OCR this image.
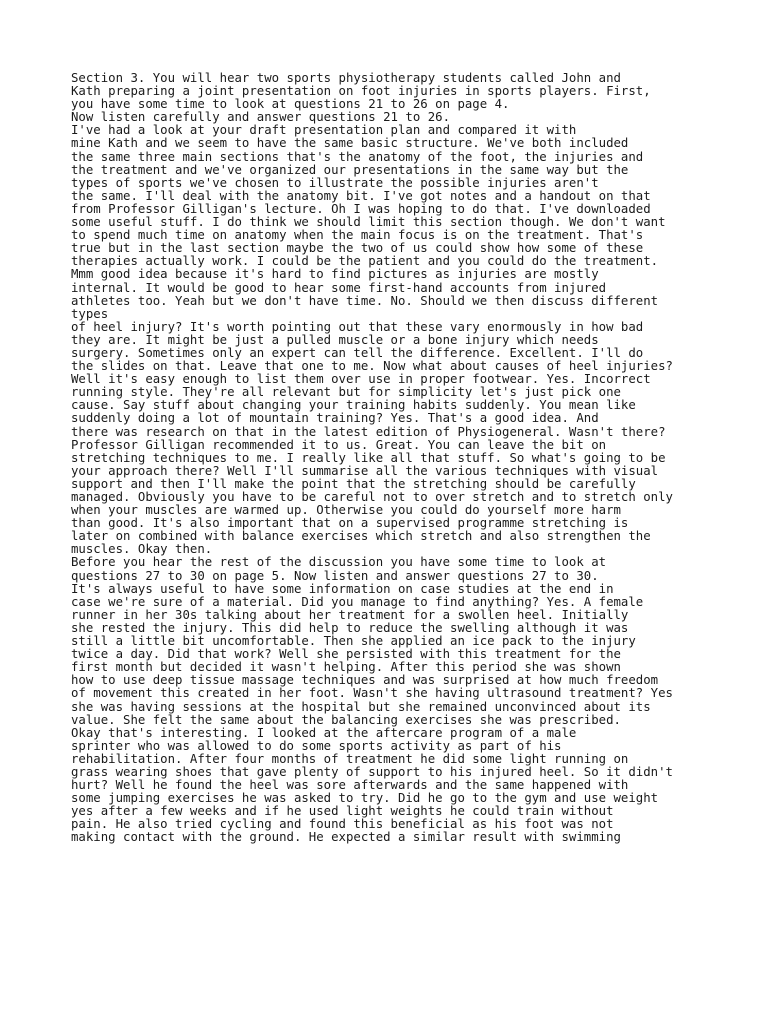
Section 3. You will hear two sports physiotherapy students called John and
Kath preparing a joint presentation on foot injuries in sports players. First,
you have some time to look at questions 21 to 26 on page 4.
Now listen carefully and answer questions 21 to 26.
I've had a look at your draft presentation plan and compared it with
mine Kath and we seem to have the same basic structure. We've both included
the same three main sections that's the anatomy of the foot, the injuries and
the treatment and we've organized our presentations in the same way but the
types of sports we've chosen to illustrate the possible injuries aren't
the same. I'll deal with the anatomy bit. I've got notes and a handout on that
from Professor Gilligan's lecture. Oh I was hoping to do that. I've downloaded
some useful stuff. I do think we should limit this section though. We don't want
to spend much time on anatomy when the main focus is on the treatment. That's
true but in the last section maybe the two of us could show how some of these
therapies actually work. I could be the patient and you could do the treatment.
Mmm good idea because it's hard to find pictures as injuries are mostly
internal. It would be good to hear some first-hand accounts from injured
athletes too. Yeah but we don't have time. No. Should we then discuss different
types
of heel injury? It's worth pointing out that these vary enormously in how bad
they are. It might be just a pulled muscle or a bone injury which needs
surgery. Sometimes only an expert can tell the difference. Excellent. I'll do
the slides on that. Leave that one to me. Now what about causes of heel injuries?
Well it's easy enough to list them over use in proper footwear. Yes. Incorrect
running style. They're all relevant but for simplicity let's just pick one
cause. Say stuff about changing your training habits suddenly. You mean like
suddenly doing a lot of mountain training? Yes. That's a good idea. And
there was research on that in the latest edition of Physiogeneral. Wasn't there?
Professor Gilligan recommended it to us. Great. You can leave the bit on
stretching techniques to me. I really like all that stuff. So what's going to be
your approach there? Well I'll summarise all the various techniques with visual
support and then I'll make the point that the stretching should be carefully
managed. Obviously you have to be careful not to over stretch and to stretch only
when your muscles are warmed up. Otherwise you could do yourself more harm
than good. It's also important that on a supervised programme stretching is
later on combined with balance exercises which stretch and also strengthen the
muscles. Okay then.
Before you hear the rest of the discussion you have some time to look at
questions 27 to 30 on page 5. Now listen and answer questions 27 to 30.
It's always useful to have some information on case studies at the end in
case we're sure of a material. Did you manage to find anything? Yes. A female
runner in her 30s talking about her treatment for a swollen heel. Initially
she rested the injury. This did help to reduce the swelling although it was
still a little bit uncomfortable. Then she applied an ice pack to the injury
twice a day. Did that work? Well she persisted with this treatment for the
first month but decided it wasn't helping. After this period she was shown
how to use deep tissue massage techniques and was surprised at how much freedom
of movement this created in her foot. Wasn't she having ultrasound treatment? Yes
she was having sessions at the hospital but she remained unconvinced about its
value. She felt the same about the balancing exercises she was prescribed.
Okay that's interesting. I looked at the aftercare program of a male
sprinter who was allowed to do some sports activity as part of his
rehabilitation. After four months of treatment he did some light running on
grass wearing shoes that gave plenty of support to his injured heel. So it didn't
hurt? Well he found the heel was sore afterwards and the same happened with
some jumping exercises he was asked to try. Did he go to the gym and use weight
yes after a few weeks and if he used light weights he could train without
pain. He also tried cycling and found this beneficial as his foot was not
making contact with the ground. He expected a similar result with swimming
